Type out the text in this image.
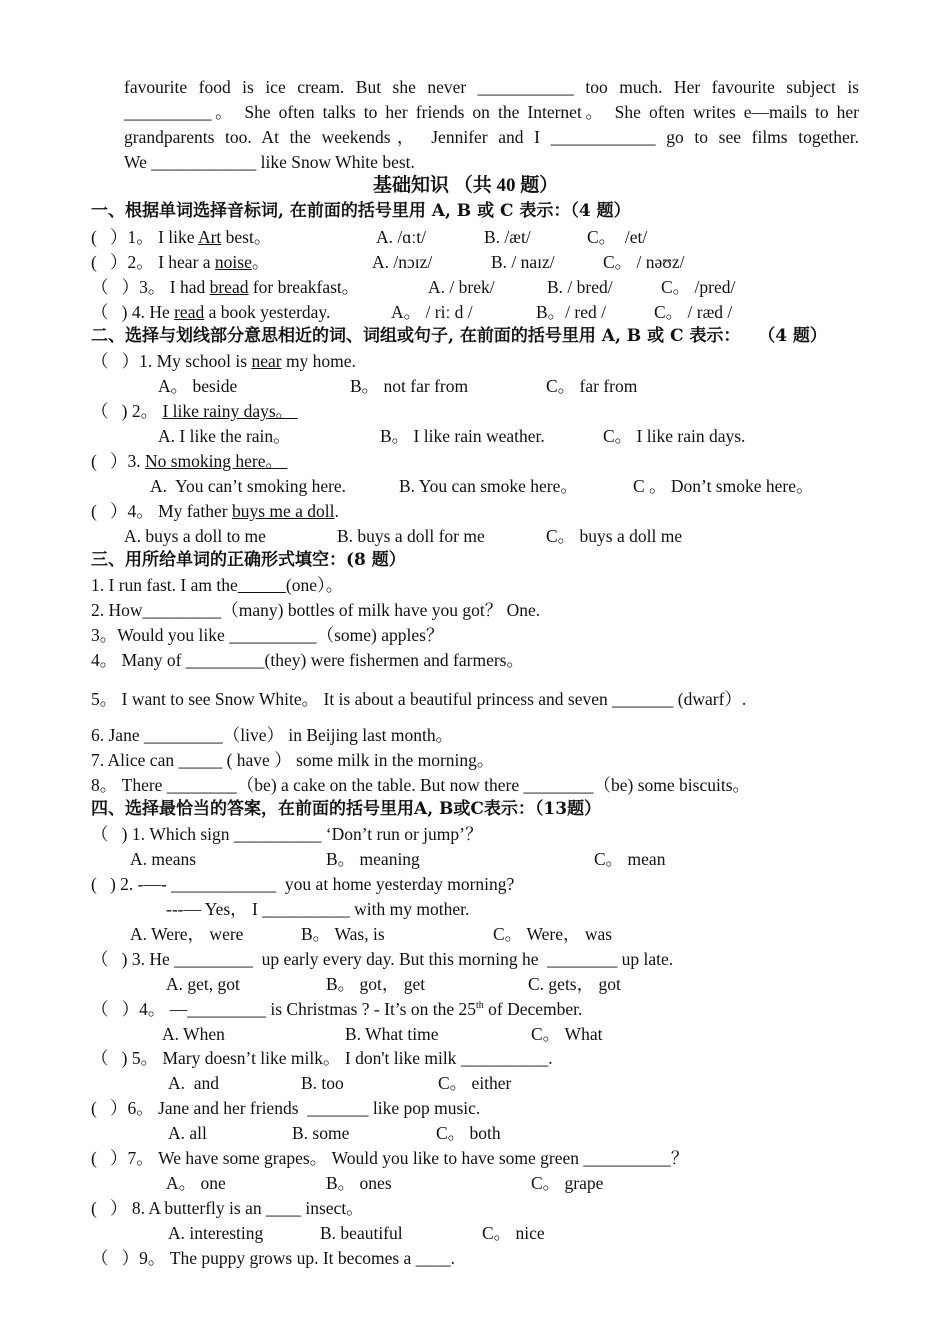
favourite food is ice cream. But she never ___________ too much. Her favourite subject is
__________。 She often talks to her friends on the Internet。 She often writes e—mails to her
grandparents too. At the weekends， Jennifer and I ____________ go to see films together.
We ____________ like Snow White best.
基础知识 （共 40 题）
一、根据单词选择音标词, 在前面的括号里用 A, B 或 C 表示：（4 题）
(   ）1。 I like Art best。	A. /ɑːt/	B. /æt/	C。  /et/
(   ）2。 I hear a noise。	A. /nɔɪz/	B. / naɪz/	C。 / nəʊz/
（   ）3。 I had bread for breakfast。	A. / brek/	B. / bred/	C。 /pred/
（   ) 4. He read a book yesterday.	A。 / riː d /	B。/ red /	C。 / ræd /
二、选择与划线部分意思相近的词、词组或句子, 在前面的括号里用 A, B 或 C 表示：   （4 题）
（   ）1. My school is near my home.
A。 beside	B。 not far from	C。 far from
（   ) 2。 I like rainy days。
A. I like the rain。	B。 I like rain weather.	C。 I like rain days.
(   ）3. No smoking here。
A.  You can’t smoking here.	B. You can smoke here。	C 。 Don’t smoke here。
(   ）4。 My father buys me a doll.
A. buys a doll to me	B. buys a doll for me	C。 buys a doll me
三、用所给单词的正确形式填空：(8 题）
1. I run fast. I am the	(one）。
2. How_________（many) bottles of milk have you got？ One.
3。Would you like __________（some) apples？
4。 Many of _________(they) were fishermen and farmers。
5。 I want to see Snow White。 It is about a beautiful princess and seven _______ (dwarf）.
6. Jane _________（live） in Beijing last month。
7. Alice can _____ ( have ） some milk in the morning。
8。 There ________（be) a cake on the table. But now there ________（be) some biscuits。
四、选择最恰当的答案，在前面的括号里用A, B或C表示：（13题）
（   ) 1. Which sign __________ ‘Don’t run or jump’？
A. means	B。 meaning	C。 mean
(   ) 2. -—- ____________  you at home yesterday morning?
---— Yes， I __________ with my mother.
A. Were， were	B。 Was, is	C。 Were， was
（   ) 3. He _________  up early every day. But this morning he  ________ up late.
A. get, got	B。 got， get	C. gets， got
（   ）4。 —_________ is Christmas ? - It’s on the 25th of December.
A. When	B. What time	C。 What
（   ) 5。 Mary doesn’t like milk。 I don't like milk __________.
A.  and	B. too	C。 either
(   ）6。 Jane and her friends  _______ like pop music.
A. all	B. some	C。 both
(   ）7。 We have some grapes。 Would you like to have some green __________？
A。 one	B。 ones	C。 grape
(   ） 8. A butterfly is an ____ insect。
A. interesting	B. beautiful	C。 nice
（   ）9。 The puppy grows up. It becomes a ____.
